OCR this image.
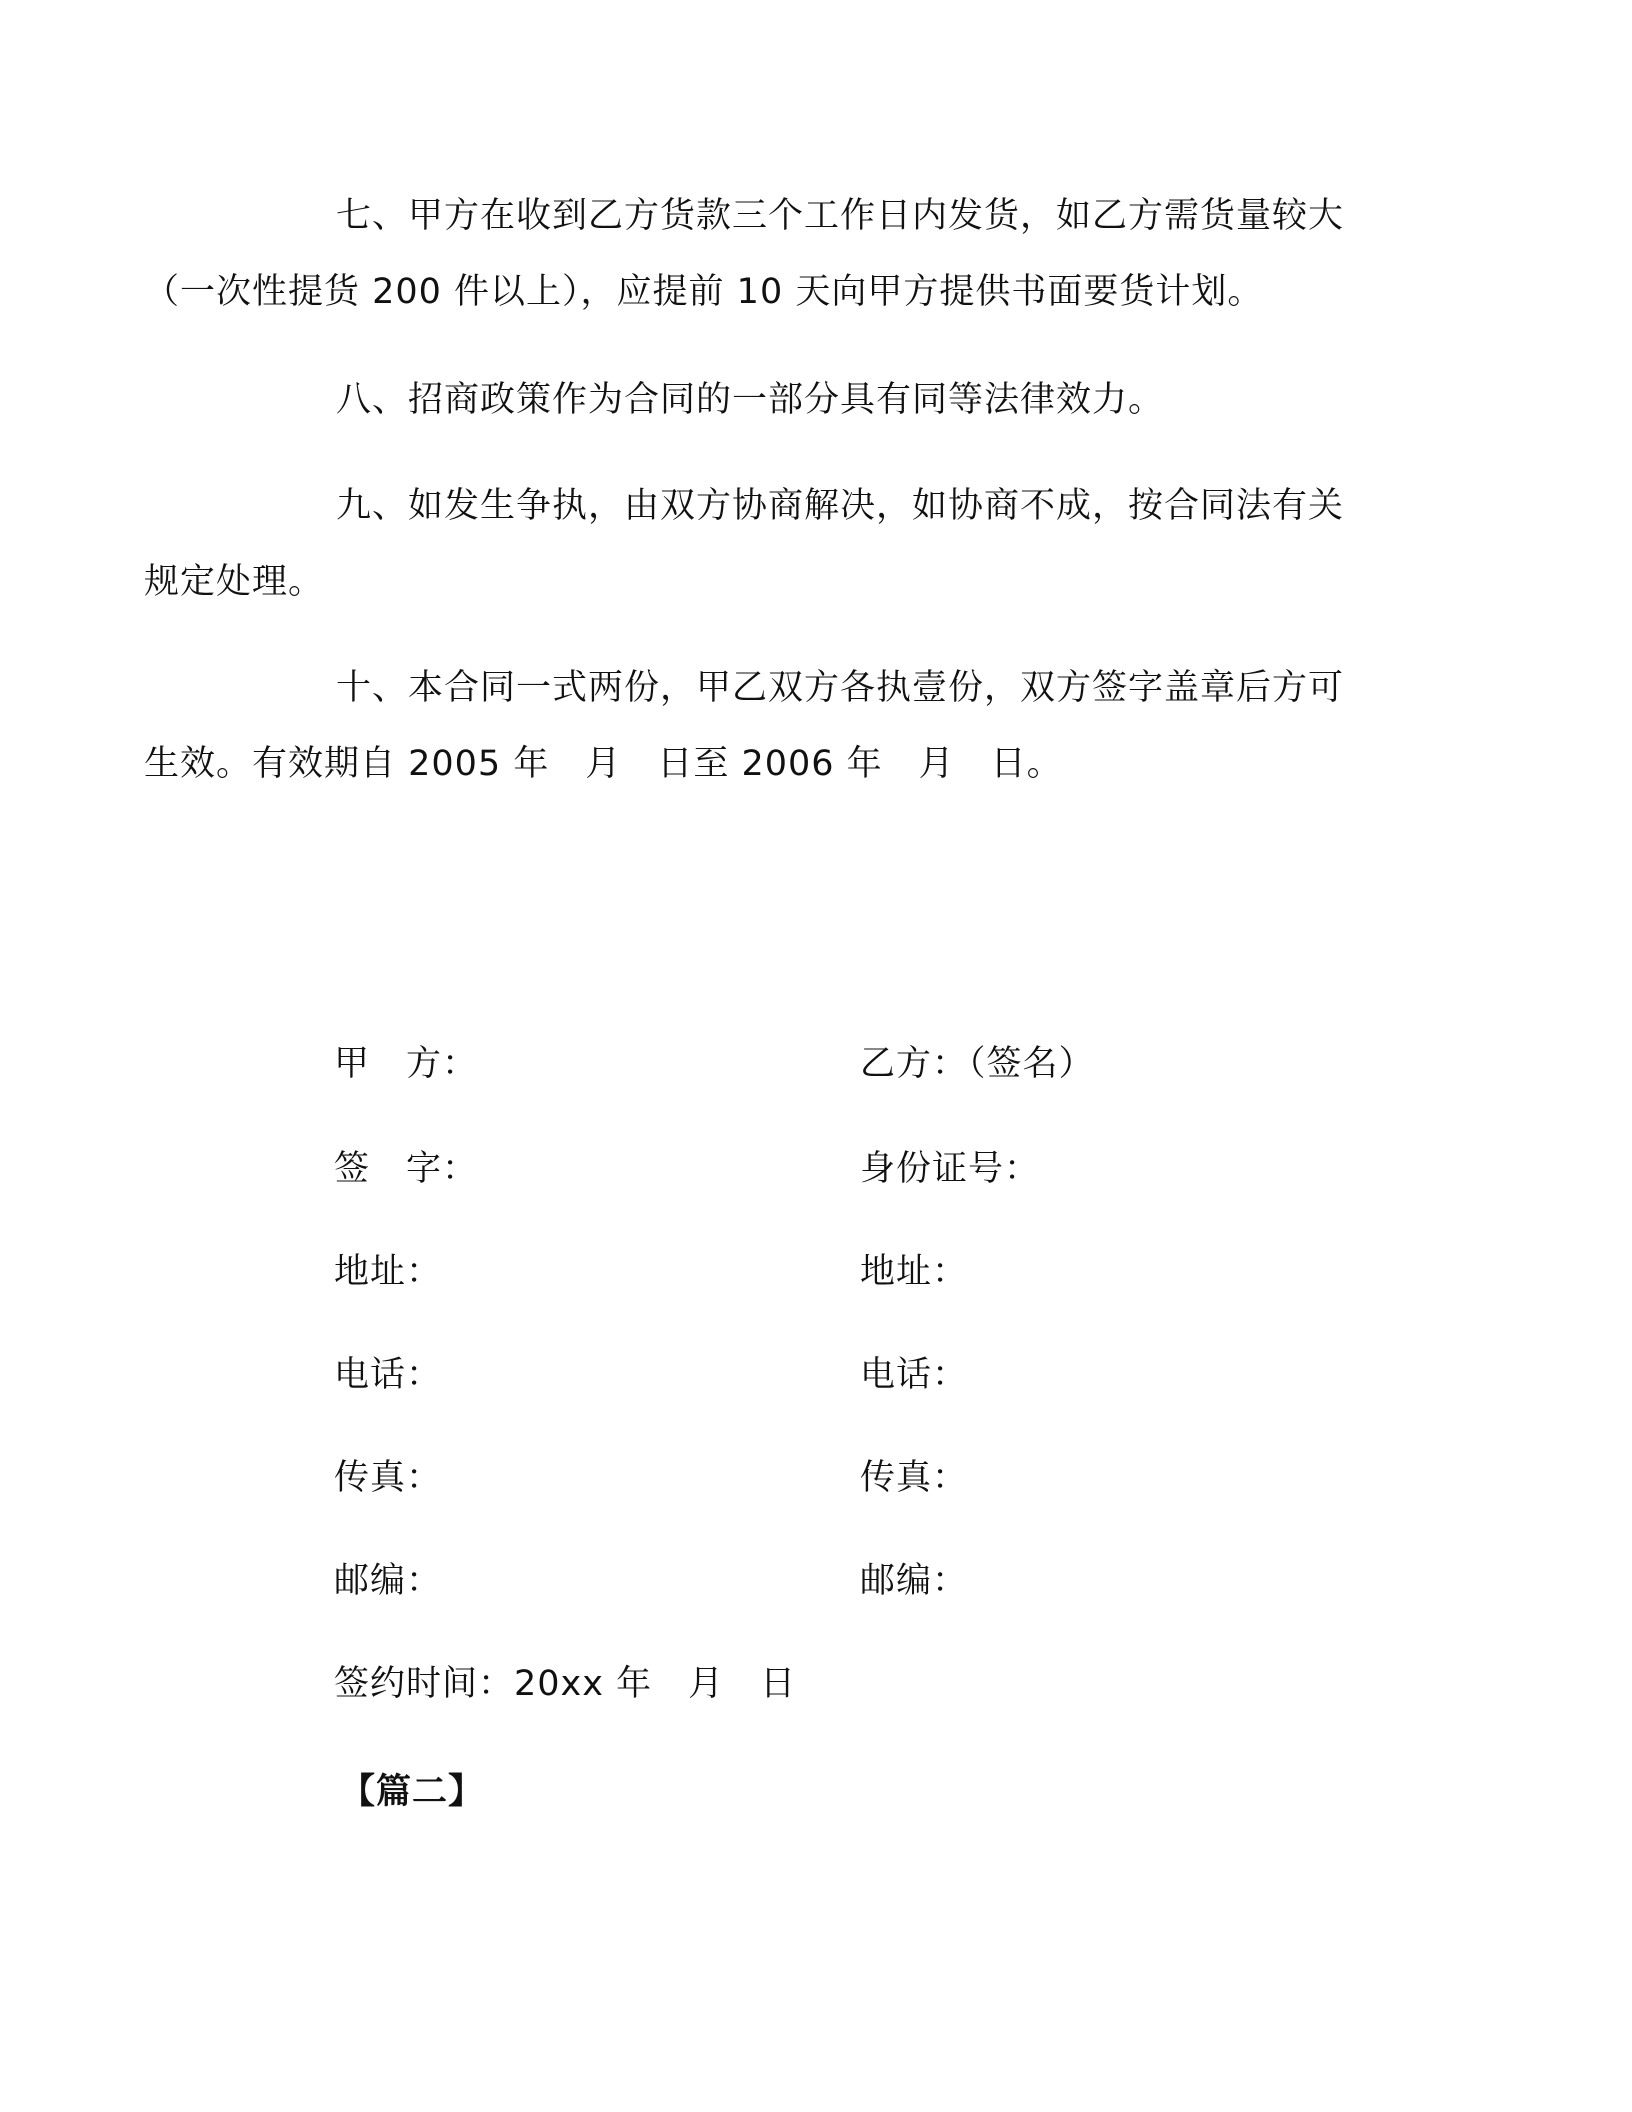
七、甲方在收到乙方货款三个工作日内发货，如乙方需货量较大
（一次性提货 200 件以上），应提前 10 天向甲方提供书面要货计划。
八、招商政策作为合同的一部分具有同等法律效力。
九、如发生争执，由双方协商解决，如协商不成，按合同法有关
规定处理。
十、本合同一式两份，甲乙双方各执壹份，双方签字盖章后方可
生效。有效期自 2005 年　月　日至 2006 年　月　日。
甲　方：
签　字：
地址：
电话：
传真：
邮编：
乙方：（签名）
身份证号：
地址：
电话：
传真：
邮编：
签约时间：20xx 年　月　日
【篇二】
